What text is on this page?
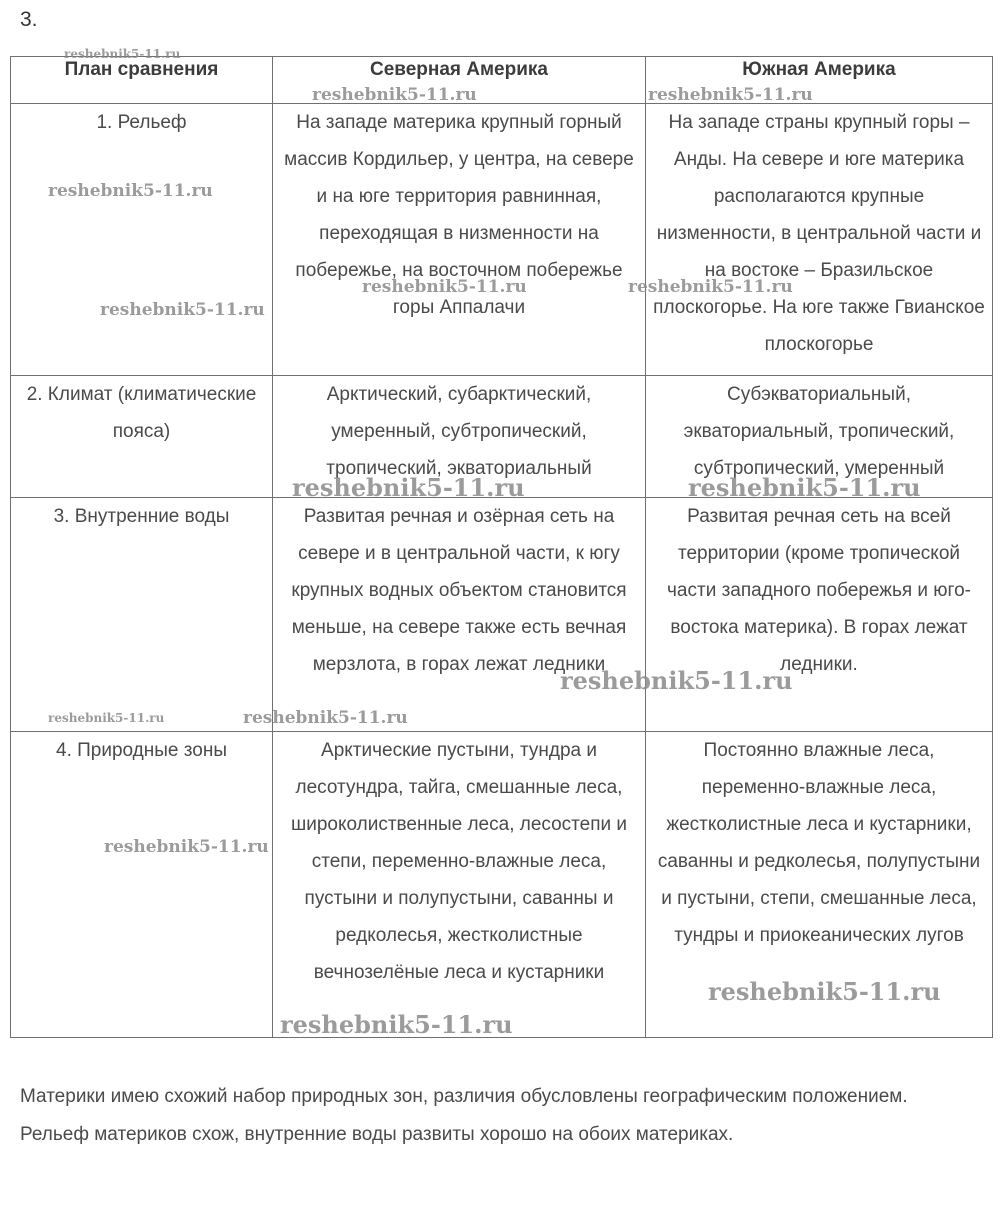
3.
План сравнения	Северная Америка	Южная Америка

1. Рельеф	На западе материка крупный горный массив Кордильер, у центра, на севере и на юге территория равнинная, переходящая в низменности на побережье, на восточном побережье горы Аппалачи	На западе страны крупный горы – Анды. На севере и юге материка располагаются крупные низменности, в центральной части и на востоке – Бразильское плоскогорье. На юге также Гвианское плоскогорье

2. Климат (климатические пояса)	Арктический, субарктический, умеренный, субтропический, тропический, экваториальный	Субэкваториальный, экваториальный, тропический, субтропический, умеренный

3. Внутренние воды	Развитая речная и озёрная сеть на севере и в центральной части, к югу крупных водных объектом становится меньше, на севере также есть вечная мерзлота, в горах лежат ледники	Развитая речная сеть на всей территории (кроме тропической части западного побережья и юго-востока материка). В горах лежат ледники.

4. Природные зоны	Арктические пустыни, тундра и лесотундра, тайга, смешанные леса, широколиственные леса, лесостепи и степи, переменно-влажные леса, пустыни и полупустыни, саванны и редколесья, жестколистные вечнозелёные леса и кустарники	Постоянно влажные леса, переменно-влажные леса, жестколистные леса и кустарники, саванны и редколесья, полупустыни и пустыни, степи, смешанные леса, тундры и приокеанических лугов
Материки имею схожий набор природных зон, различия обусловлены географическим положением. Рельеф материков схож, внутренние воды развиты хорошо на обоих материках.
reshebnik5-11.ru
reshebnik5-11.ru	reshebnik5-11.ru
reshebnik5-11.ru
reshebnik5-11.ru	reshebnik5-11.ru
reshebnik5-11.ru
reshebnik5-11.ru	reshebnik5-11.ru
reshebnik5-11.ru
reshebnik5-11.ru	reshebnik5-11.ru
reshebnik5-11.ru
reshebnik5-11.ru
reshebnik5-11.ru
